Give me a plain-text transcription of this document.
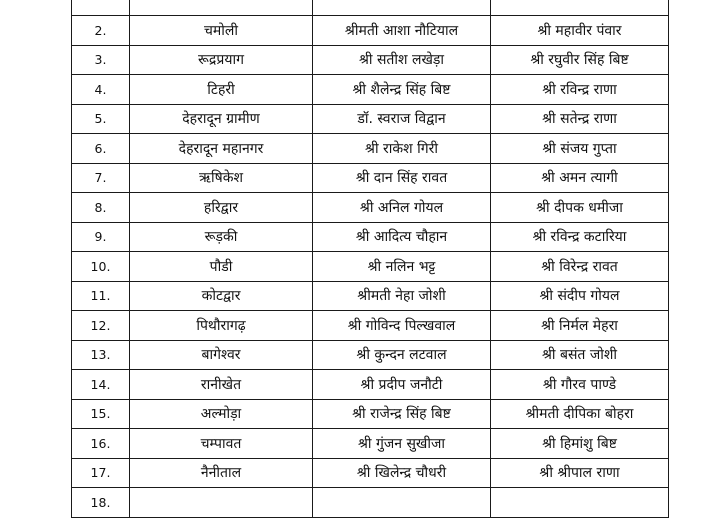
2.	चमोली	श्रीमती आशा नौटियाल	श्री महावीर पंवार
3.	रूद्रप्रयाग	श्री सतीश लखेड़ा	श्री रघुवीर सिंह बिष्ट
4.	टिहरी	श्री शैलेन्द्र सिंह बिष्ट	श्री रविन्द्र राणा
5.	देहरादून ग्रामीण	डॉ. स्वराज विद्वान	श्री सतेन्द्र राणा
6.	देहरादून महानगर	श्री राकेश गिरी	श्री संजय गुप्ता
7.	ऋषिकेश	श्री दान सिंह रावत	श्री अमन त्यागी
8.	हरिद्वार	श्री अनिल गोयल	श्री दीपक धमीजा
9.	रूड़की	श्री आदित्य चौहान	श्री रविन्द्र कटारिया
10.	पौडी	श्री नलिन भट्ट	श्री विरेन्द्र रावत
11.	कोटद्वार	श्रीमती नेहा जोशी	श्री संदीप गोयल
12.	पिथौरागढ़	श्री गोविन्द पिल्खवाल	श्री निर्मल मेहरा
13.	बागेश्वर	श्री कुन्दन लटवाल	श्री बसंत जोशी
14.	रानीखेत	श्री प्रदीप जनौटी	श्री गौरव पाण्डे
15.	अल्मोड़ा	श्री राजेन्द्र सिंह बिष्ट	श्रीमती दीपिका बोहरा
16.	चम्पावत	श्री गुंजन सुखीजा	श्री हिमांशु बिष्ट
17.	नैनीताल	श्री खिलेन्द्र चौधरी	श्री श्रीपाल राणा
18.			
